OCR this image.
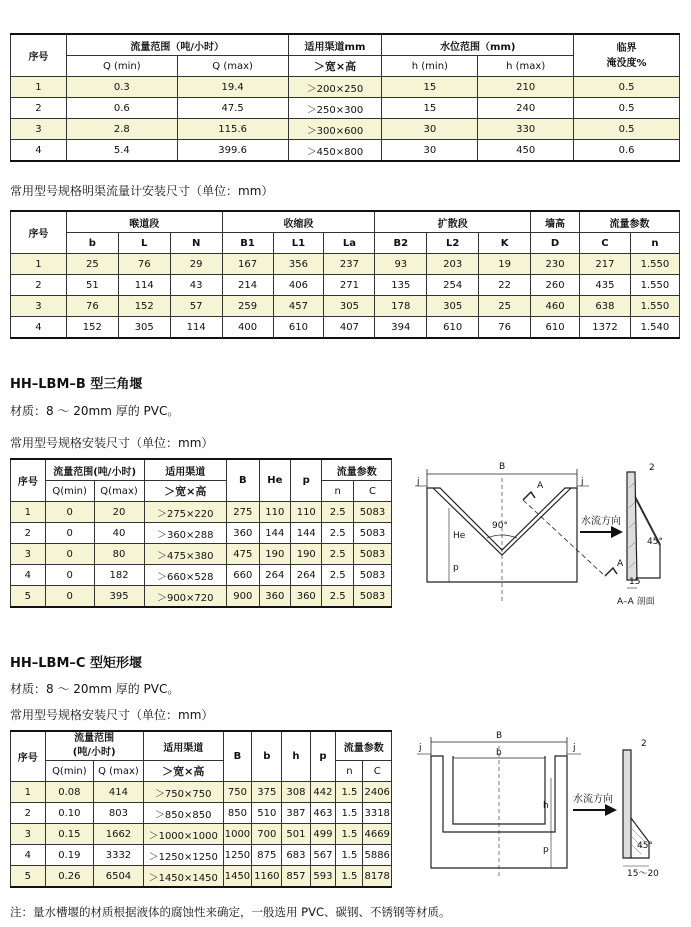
序号	流量范围（吨/小时）		适用渠道mm	水位范围（mm)		临界
淹没度%
	Q (min)	Q (max)	＞宽×高	h (min)	h (max)	
1	0.3	19.4	＞200×250	15	210	0.5
2	0.6	47.5	＞250×300	15	240	0.5
3	2.8	115.6	＞300×600	30	330	0.5
4	5.4	399.6	＞450×800	30	450	0.6
常用型号规格明渠流量计安装尺寸（单位：mm）
序号	喉道段			收缩段			扩散段			墙高	流量参数	
	b	L	N	B1	L1	La	B2	L2	K	D	C	n
1	25	76	29	167	356	237	93	203	19	230	217	1.550
2	51	114	43	214	406	271	135	254	22	260	435	1.550
3	76	152	57	259	457	305	178	305	25	460	638	1.550
4	152	305	114	400	610	407	394	610	76	610	1372	1.540
HH–LBM–B 型三角堰
材质：8 ～ 20mm 厚的 PVC。
常用型号规格安装尺寸（单位：mm）
序号	流量范围(吨/小时)		适用渠道	B	He	p	流量参数	
	Q(min)	Q(max)	＞宽×高				n	C
1	0	20	＞275×220	275	110	110	2.5	5083
2	0	40	＞360×288	360	144	144	2.5	5083
3	0	80	＞475×380	475	190	190	2.5	5083
4	0	182	＞660×528	660	264	264	2.5	5083
5	0	395	＞900×720	900	360	360	2.5	5083
B
j	j
A
A
90°
He
p
水流方向
2
45°
15
A–A 剖面
HH–LBM–C 型矩形堰
材质：8 ～ 20mm 厚的 PVC。
常用型号规格安装尺寸（单位：mm）
序号	流量范围
(吨/小时)		适用渠道	B	b	h	p	流量参数	
	Q(min)	Q (max)	＞宽×高					n	C
1	0.08	414	＞750×750	750	375	308	442	1.5	2406
2	0.10	803	＞850×850	850	510	387	463	1.5	3318
3	0.15	1662	＞1000×1000	1000	700	501	499	1.5	4669
4	0.19	3332	＞1250×1250	1250	875	683	567	1.5	5886
5	0.26	6504	＞1450×1450	1450	1160	857	593	1.5	8178
B
b
j	j
h
p
水流方向
2
45°
15～20
注：量水槽堰的材质根据液体的腐蚀性来确定，一般选用 PVC、碳钢、不锈钢等材质。
